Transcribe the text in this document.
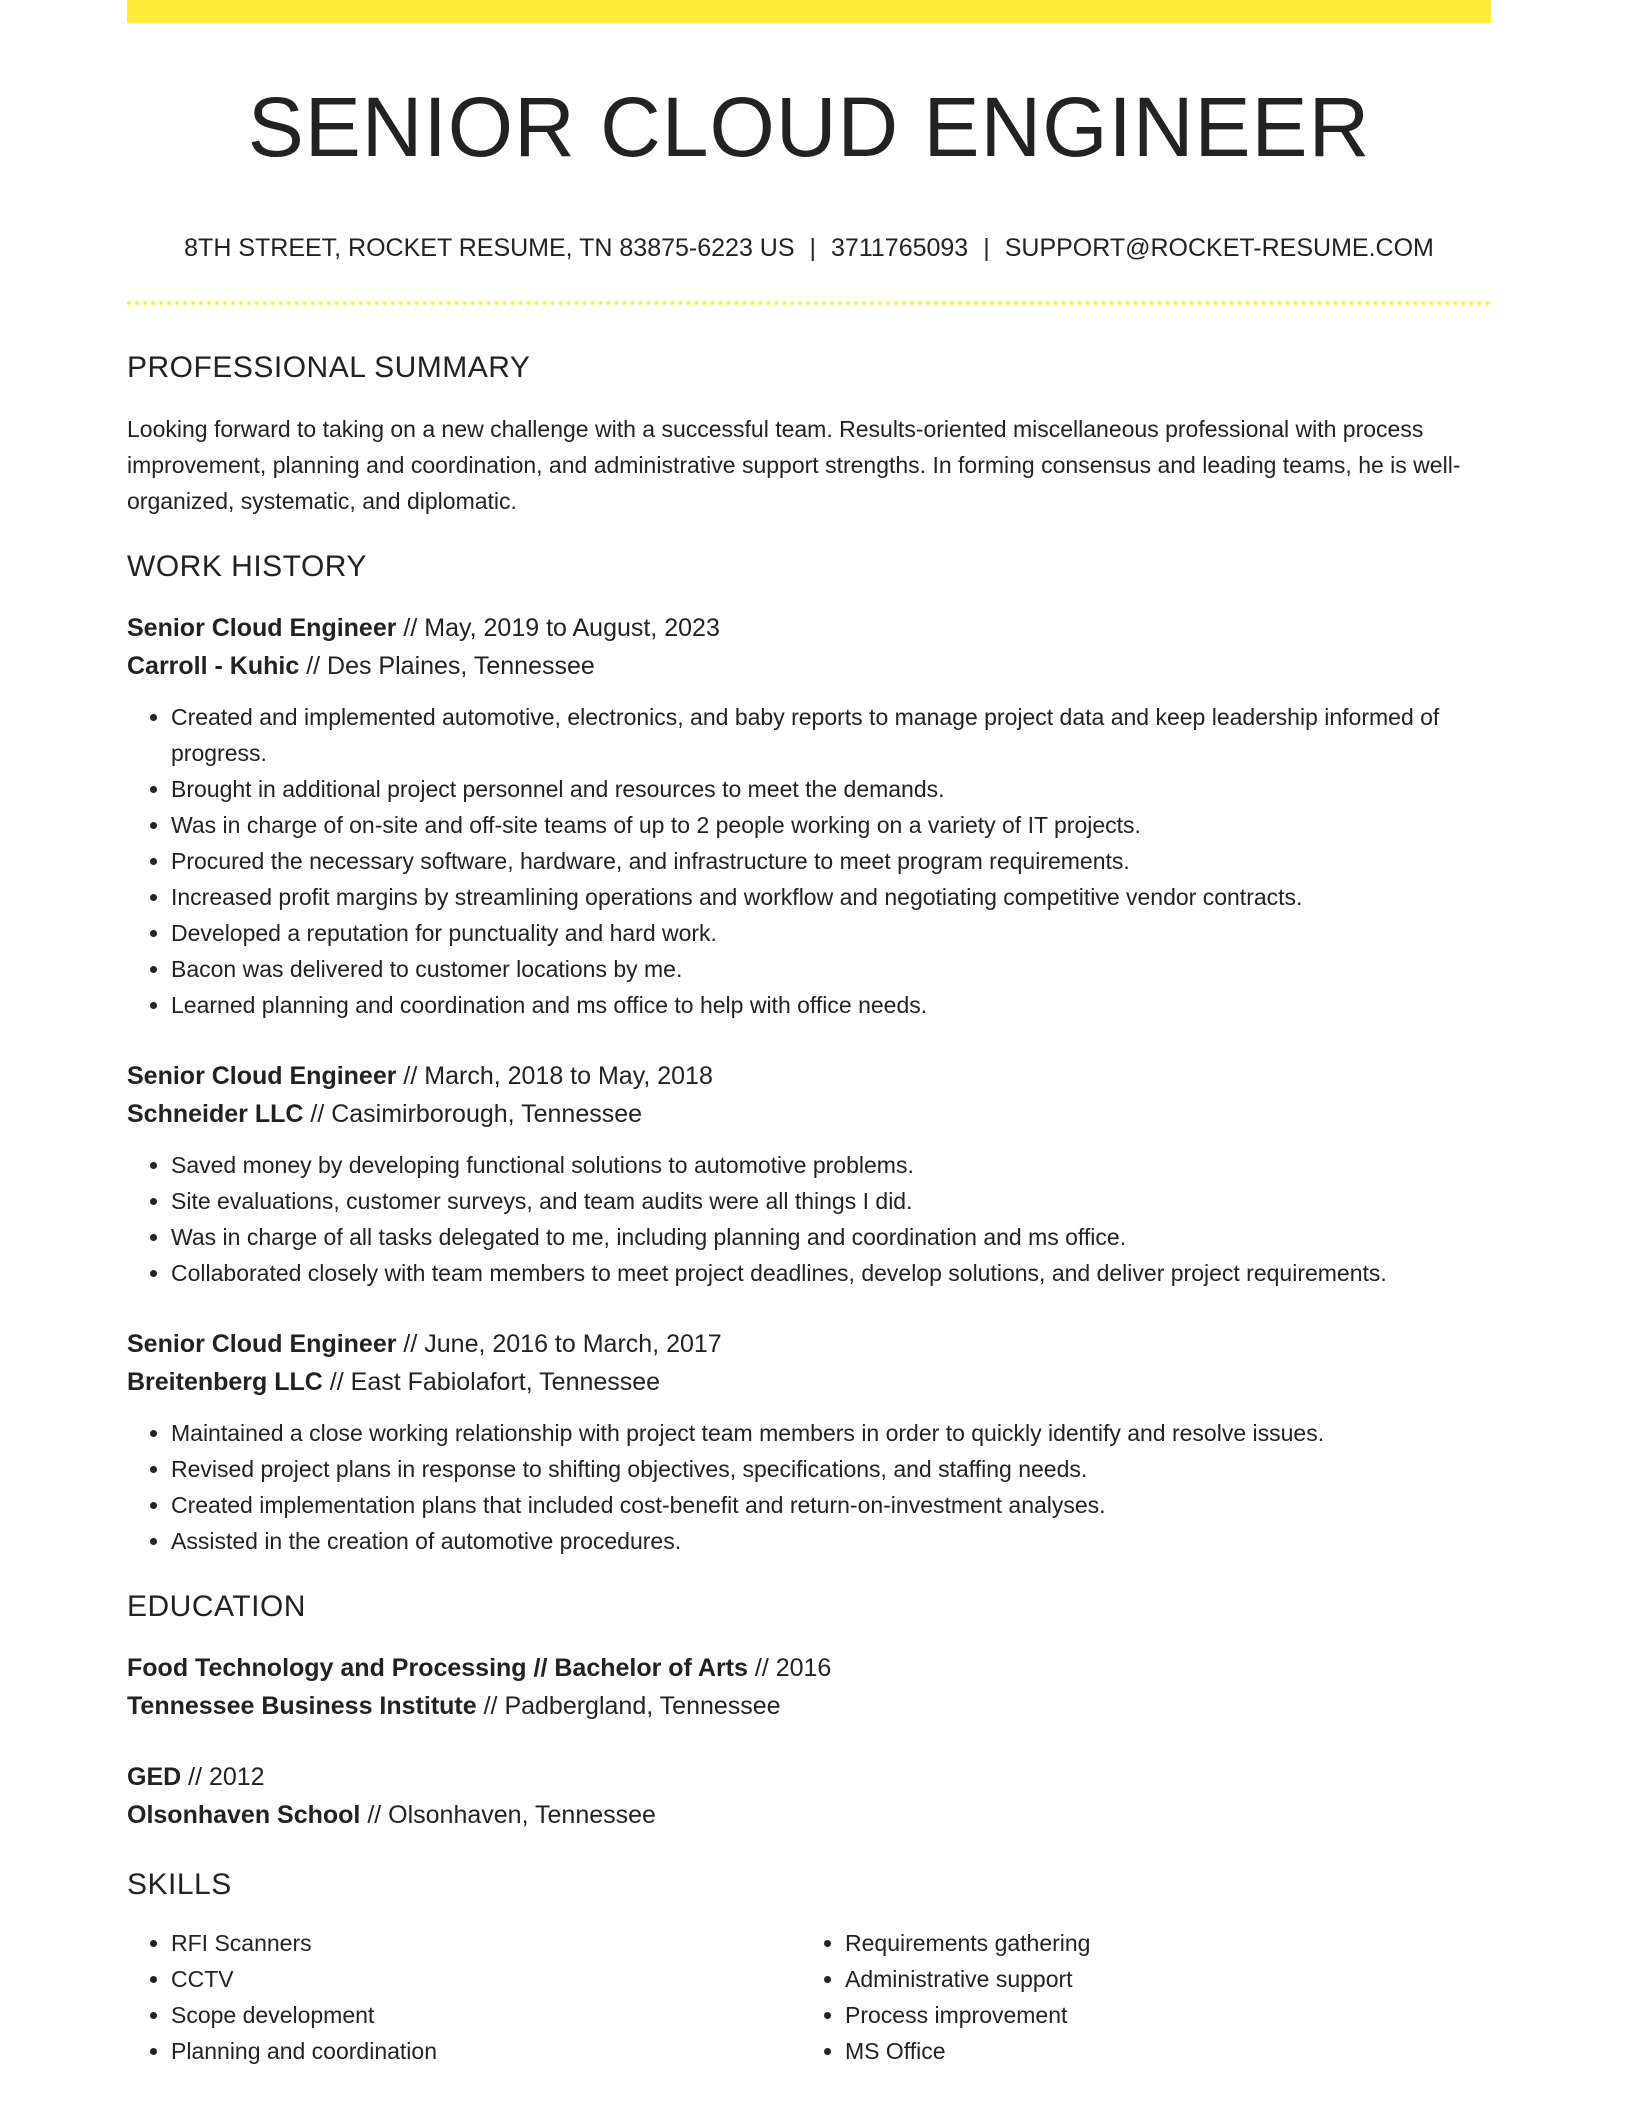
SENIOR CLOUD ENGINEER
8TH STREET, ROCKET RESUME, TN 83875-6223 US | 3711765093 | SUPPORT@ROCKET-RESUME.COM
PROFESSIONAL SUMMARY

Looking forward to taking on a new challenge with a successful team. Results-oriented miscellaneous professional with process improvement, planning and coordination, and administrative support strengths. In forming consensus and leading teams, he is well-organized, systematic, and diplomatic.

WORK HISTORY
Senior Cloud Engineer // May, 2019 to August, 2023
Carroll - Kuhic // Des Plaines, Tennessee
• Created and implemented automotive, electronics, and baby reports to manage project data and keep leadership informed of progress.
• Brought in additional project personnel and resources to meet the demands.
• Was in charge of on-site and off-site teams of up to 2 people working on a variety of IT projects.
• Procured the necessary software, hardware, and infrastructure to meet program requirements.
• Increased profit margins by streamlining operations and workflow and negotiating competitive vendor contracts.
• Developed a reputation for punctuality and hard work.
• Bacon was delivered to customer locations by me.
• Learned planning and coordination and ms office to help with office needs.
Senior Cloud Engineer // March, 2018 to May, 2018
Schneider LLC // Casimirborough, Tennessee
• Saved money by developing functional solutions to automotive problems.
• Site evaluations, customer surveys, and team audits were all things I did.
• Was in charge of all tasks delegated to me, including planning and coordination and ms office.
• Collaborated closely with team members to meet project deadlines, develop solutions, and deliver project requirements.
Senior Cloud Engineer // June, 2016 to March, 2017
Breitenberg LLC // East Fabiolafort, Tennessee
• Maintained a close working relationship with project team members in order to quickly identify and resolve issues.
• Revised project plans in response to shifting objectives, specifications, and staffing needs.
• Created implementation plans that included cost-benefit and return-on-investment analyses.
• Assisted in the creation of automotive procedures.
EDUCATION
Food Technology and Processing // Bachelor of Arts // 2016
Tennessee Business Institute // Padbergland, Tennessee
GED // 2012
Olsonhaven School // Olsonhaven, Tennessee
SKILLS
• RFI Scanners
• CCTV
• Scope development
• Planning and coordination
• Requirements gathering
• Administrative support
• Process improvement
• MS Office
